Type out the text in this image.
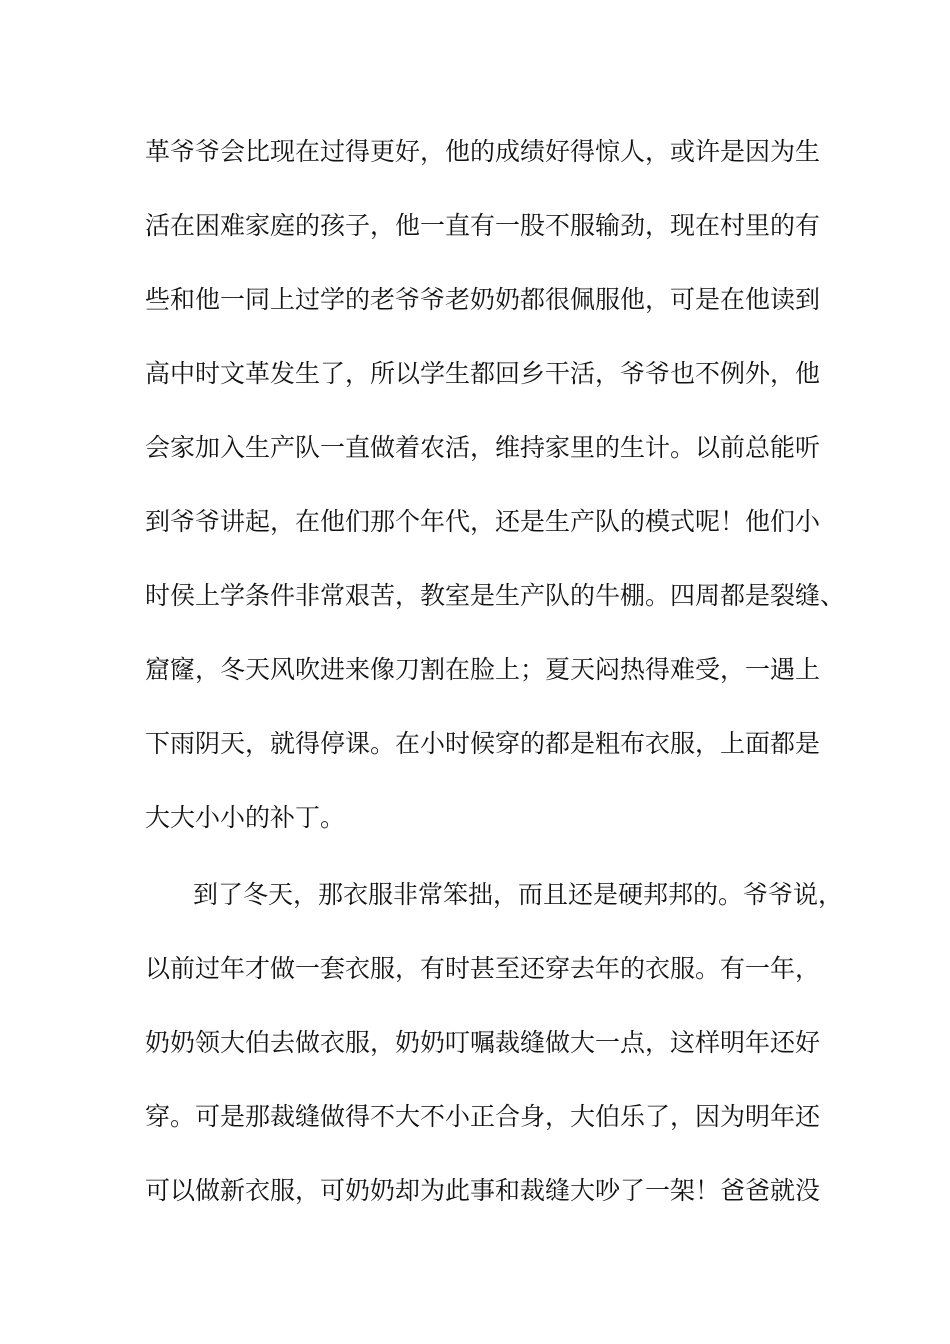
革爷爷会比现在过得更好，他的成绩好得惊人，或许是因为生
活在困难家庭的孩子，他一直有一股不服输劲，现在村里的有
些和他一同上过学的老爷爷老奶奶都很佩服他，可是在他读到
高中时文革发生了，所以学生都回乡干活，爷爷也不例外，他
会家加入生产队一直做着农活，维持家里的生计。以前总能听
到爷爷讲起，在他们那个年代，还是生产队的模式呢！他们小
时侯上学条件非常艰苦，教室是生产队的牛棚。四周都是裂缝、
窟窿，冬天风吹进来像刀割在脸上；夏天闷热得难受，一遇上
下雨阴天，就得停课。在小时候穿的都是粗布衣服，上面都是
大大小小的补丁。
到了冬天，那衣服非常笨拙，而且还是硬邦邦的。爷爷说，
以前过年才做一套衣服，有时甚至还穿去年的衣服。有一年，
奶奶领大伯去做衣服，奶奶叮嘱裁缝做大一点，这样明年还好
穿。可是那裁缝做得不大不小正合身，大伯乐了，因为明年还
可以做新衣服，可奶奶却为此事和裁缝大吵了一架！爸爸就没
